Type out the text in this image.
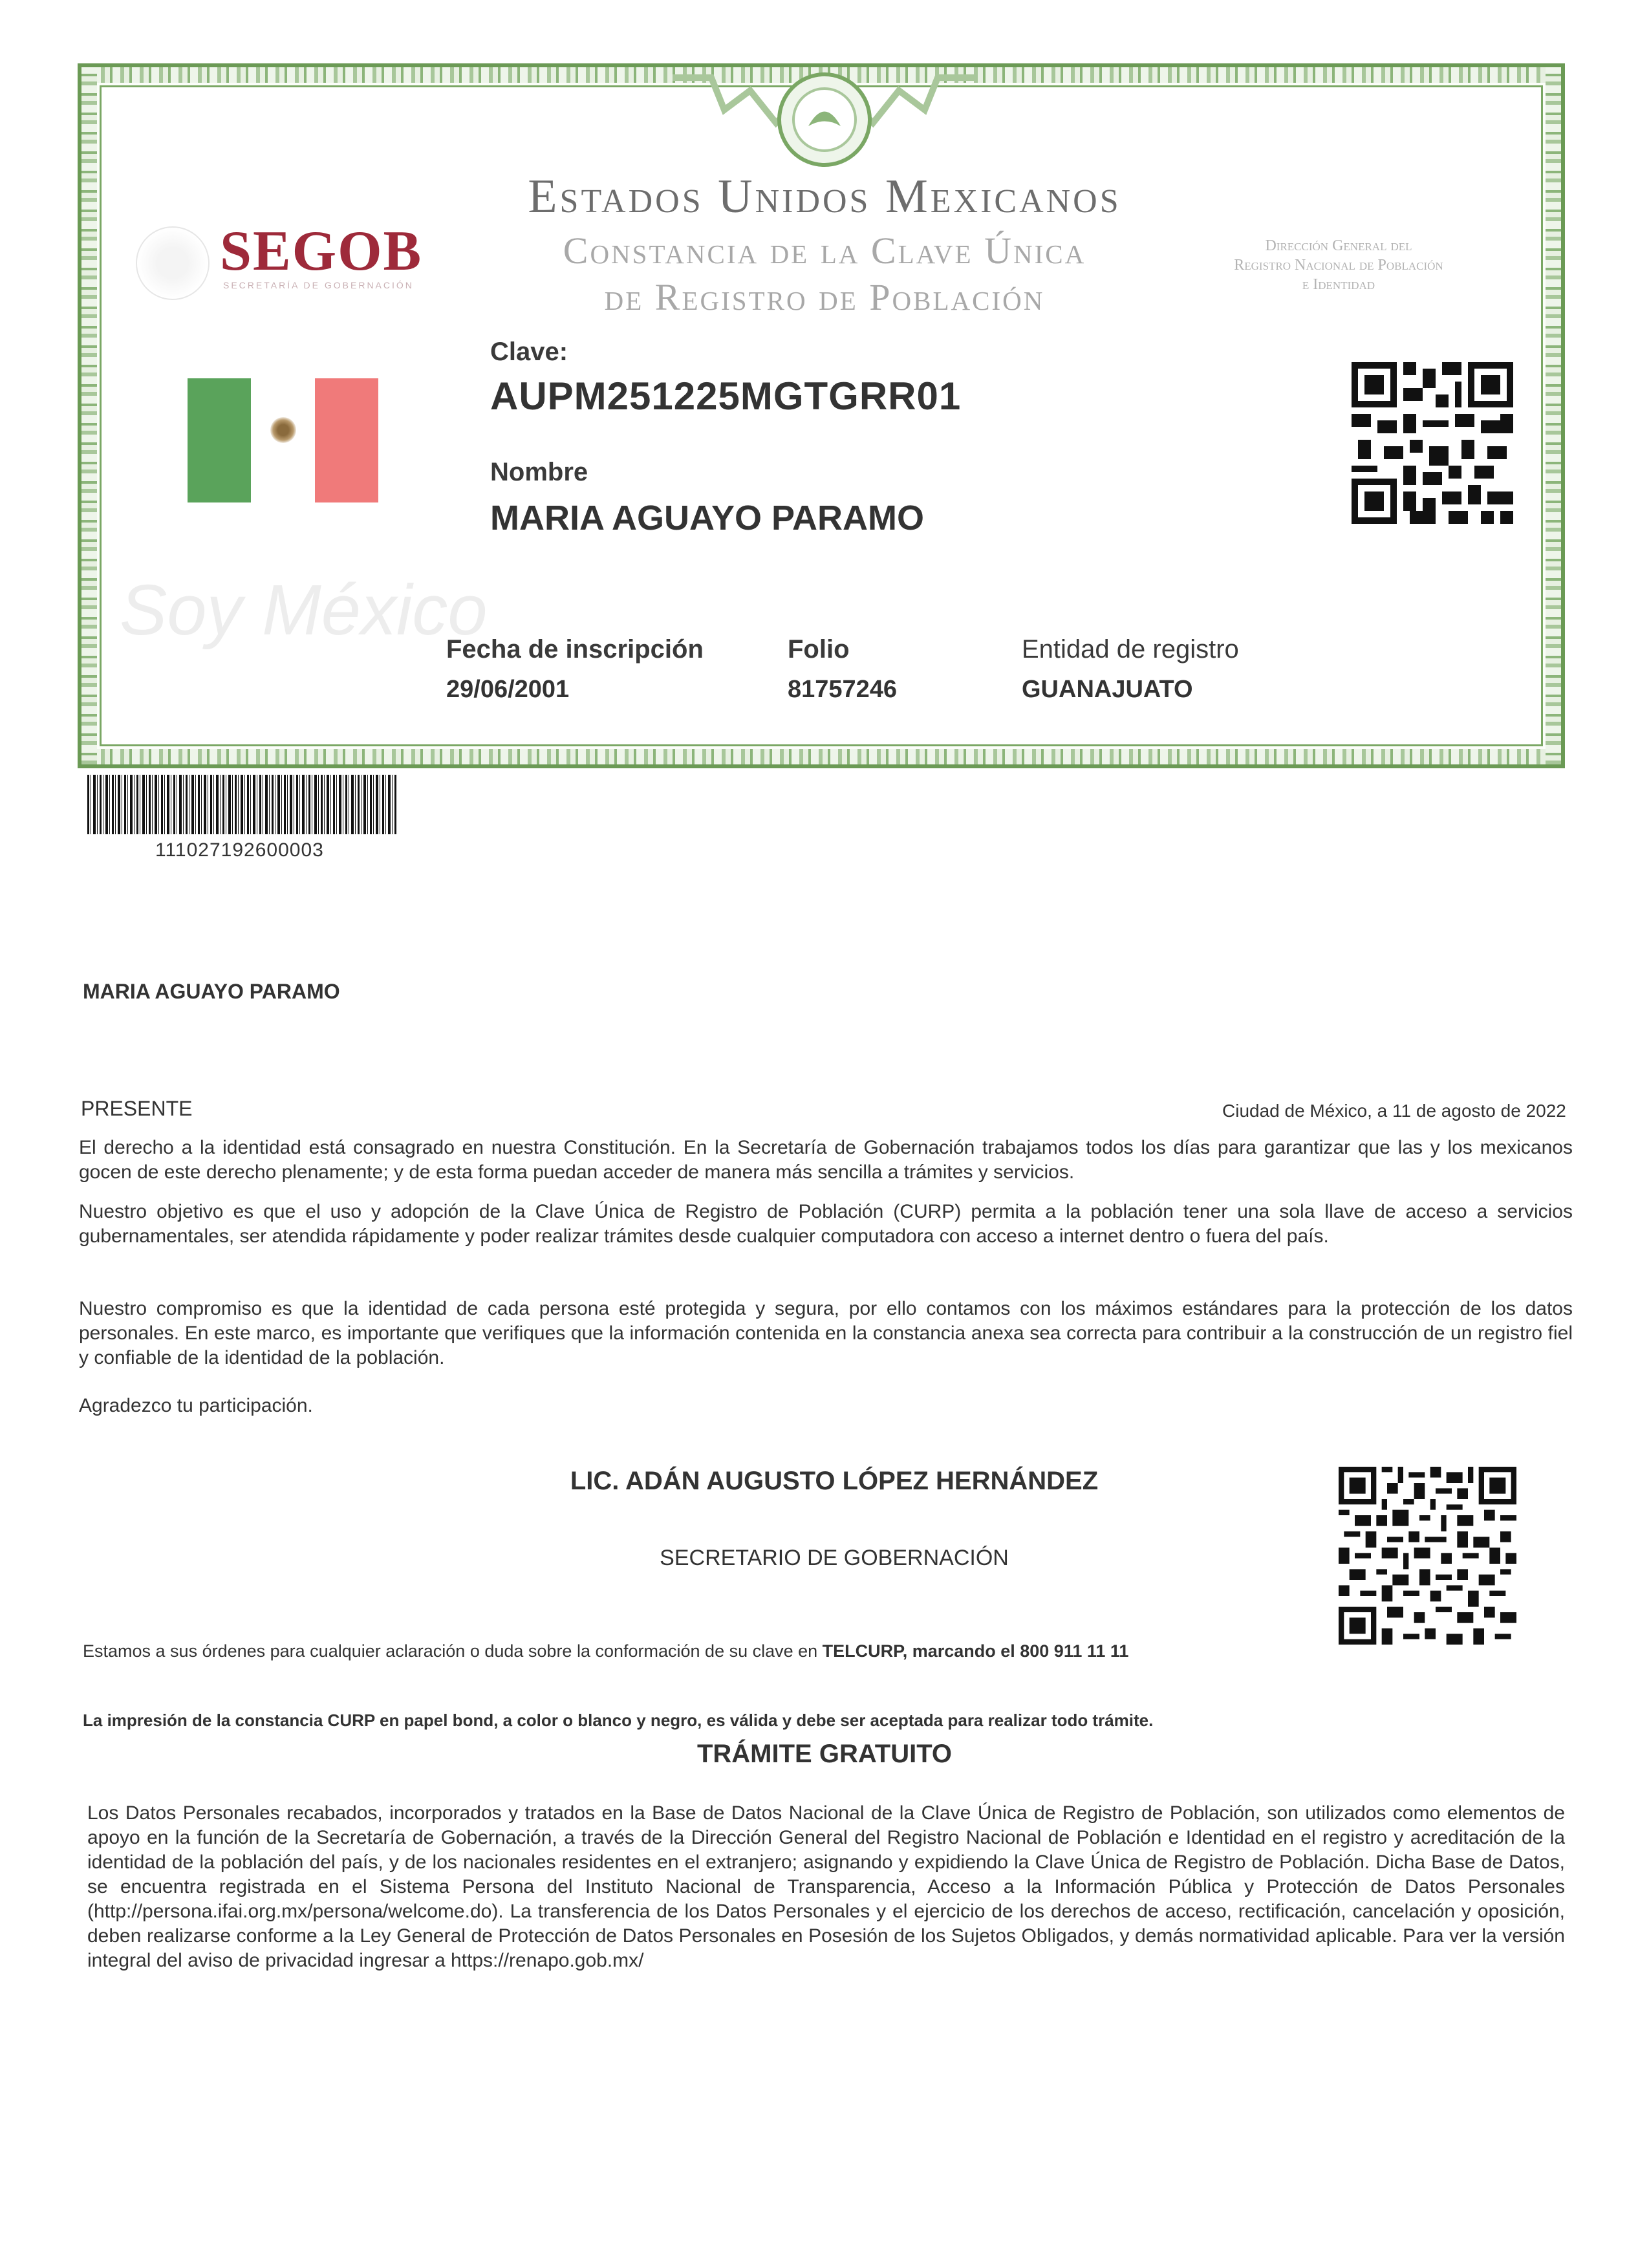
Estados Unidos Mexicanos
Constancia de la Clave Única
de Registro de Población
SEGOB
SECRETARÍA DE GOBERNACIÓN
Dirección General del
Registro Nacional de Población
e Identidad
Soy México
Clave:
AUPM251225MGTGRR01
Nombre
MARIA AGUAYO PARAMO
Fecha de inscripción
29/06/2001
Folio
81757246
Entidad de registro
GUANAJUATO
111027192600003
MARIA AGUAYO PARAMO
PRESENTE	Ciudad de México, a 11 de agosto de 2022
El derecho a la identidad está consagrado en nuestra Constitución. En la Secretaría de Gobernación trabajamos todos los días para garantizar que las y los mexicanos gocen de este derecho plenamente; y de esta forma puedan acceder de manera más sencilla a trámites y servicios.
Nuestro objetivo es que el uso y adopción de la Clave Única de Registro de Población (CURP) permita a la población tener una sola llave de acceso a servicios gubernamentales, ser atendida rápidamente y poder realizar trámites desde cualquier computadora con acceso a internet dentro o fuera del país.
Nuestro compromiso es que la identidad de cada persona esté protegida y segura, por ello contamos con los máximos estándares para la protección de los datos personales. En este marco, es importante que verifiques que la información contenida en la constancia anexa sea correcta para contribuir a la construcción de un registro fiel y confiable de la identidad de la población.
Agradezco tu participación.
LIC. ADÁN AUGUSTO LÓPEZ HERNÁNDEZ
SECRETARIO DE GOBERNACIÓN
Estamos a sus órdenes para cualquier aclaración o duda sobre la conformación de su clave en TELCURP, marcando el 800 911 11 11
La impresión de la constancia CURP en papel bond, a color o blanco y negro, es válida y debe ser aceptada para realizar todo trámite.
TRÁMITE GRATUITO
Los Datos Personales recabados, incorporados y tratados en la Base de Datos Nacional de la Clave Única de Registro de Población, son utilizados como elementos de apoyo en la función de la Secretaría de Gobernación, a través de la Dirección General del Registro Nacional de Población e Identidad en el registro y acreditación de la identidad de la población del país, y de los nacionales residentes en el extranjero; asignando y expidiendo la Clave Única de Registro de Población. Dicha Base de Datos, se encuentra registrada en el Sistema Persona del Instituto Nacional de Transparencia, Acceso a la Información Pública y Protección de Datos Personales (http://persona.ifai.org.mx/persona/welcome.do). La transferencia de los Datos Personales y el ejercicio de los derechos de acceso, rectificación, cancelación y oposición, deben realizarse conforme a la Ley General de Protección de Datos Personales en Posesión de los Sujetos Obligados, y demás normatividad aplicable. Para ver la versión integral del aviso de privacidad ingresar a https://renapo.gob.mx/
